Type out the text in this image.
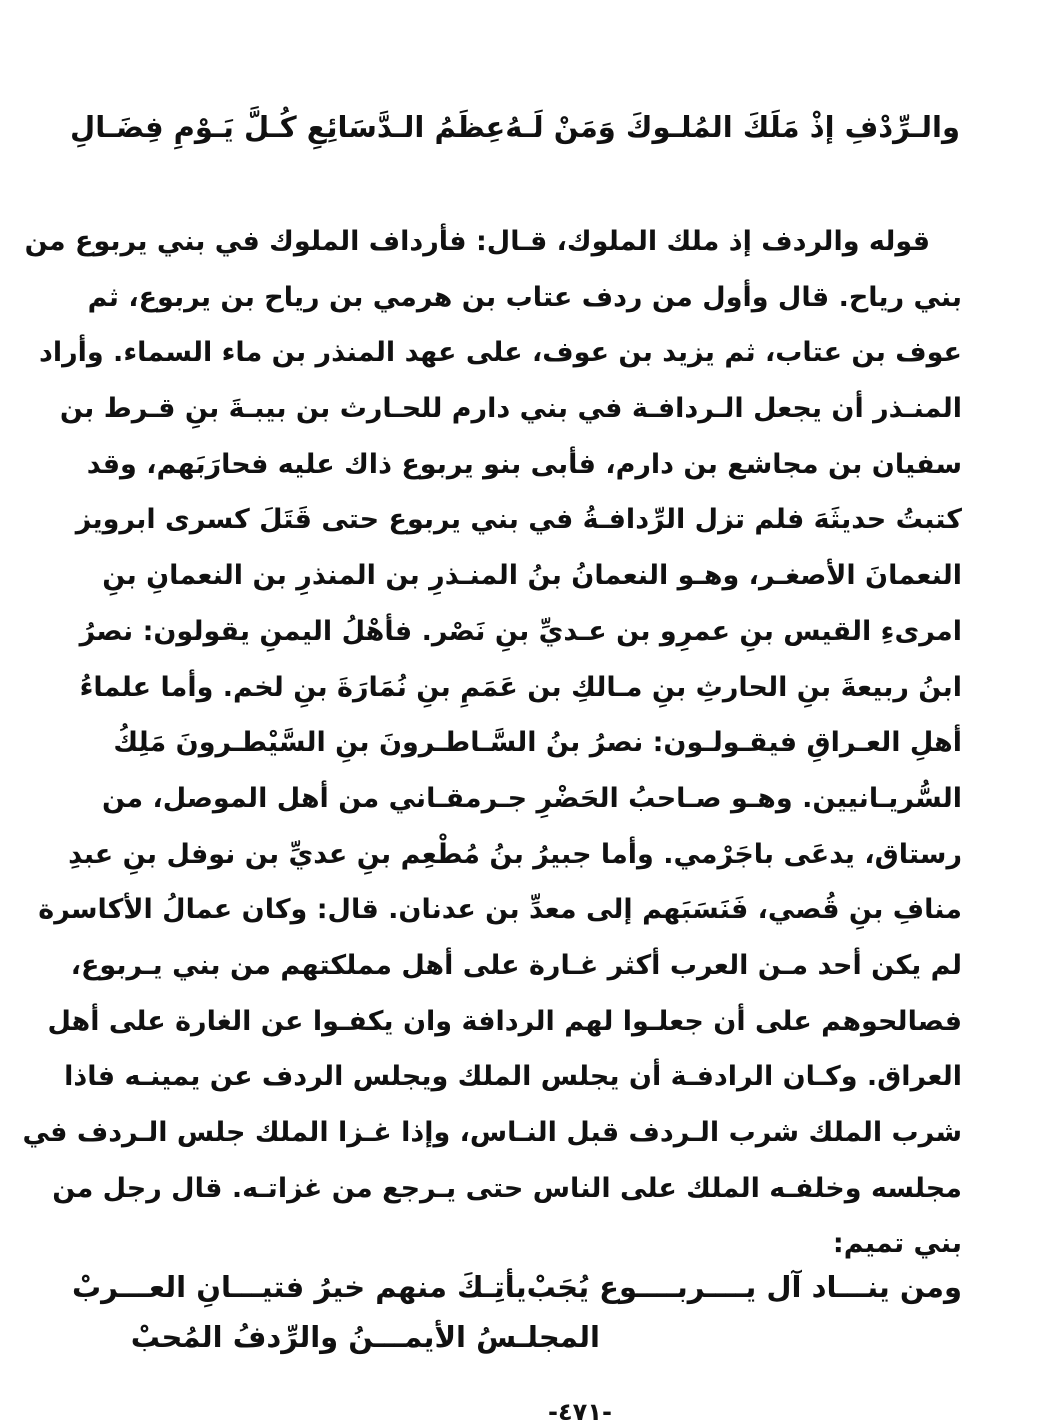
والـرِّدْفِ إذْ مَلَكَ المُلـوكَ وَمَنْ لَـهُ
عِظَمُ الـدَّسَائِعِ كُـلَّ يَـوْمِ فِضَـالِ
قوله والردف إذ ملك الملوك، قـال: فأرداف الملوك في بني يربوع من
بني رياح. قال وأول من ردف عتاب بن هرمي بن رياح بن يربوع، ثم
عوف بن عتاب، ثم يزيد بن عوف، على عهد المنذر بن ماء السماء. وأراد
المنـذر أن يجعل الـردافـة في بني دارم للحـارث بن بيبـةَ بنِ قـرط بن
سفيان بن مجاشع بن دارم، فأبى بنو يربوع ذاك عليه فحارَبَهم، وقد
كتبتُ حديثَهَ فلم تزل الرِّدافـةُ في بني يربوع حتى قَتَلَ كسرى ابرويز
النعمانَ الأصغـر، وهـو النعمانُ بنُ المنـذرِ بن المنذرِ بن النعمانِ بنِ
امرىءِ القيس بنِ عمرِو بن عـديِّ بنِ نَصْر. فأهْلُ اليمنِ يقولون: نصرُ
ابنُ ربيعةَ بنِ الحارثِ بنِ مـالكِ بن عَمَمِ بنِ نُمَارَةَ بنِ لخم. وأما علماءُ
أهلِ العـراقِ فيقـولـون: نصرُ بنُ السَّـاطـرونَ بنِ السَّيْطـرونَ مَلِكُ
السُّريـانيين. وهـو صـاحبُ الحَضْرِ جـرمقـاني من أهل الموصل، من
رستاق، يدعَى باجَرْمي. وأما جبيرُ بنُ مُطْعِم بنِ عديِّ بن نوفل بنِ عبدِ
منافِ بنِ قُصي، فَنَسَبَهم إلى معدِّ بن عدنان. قال: وكان عمالُ الأكاسرة
لم يكن أحد مـن العرب أكثر غـارة على أهل مملكتهم من بني يـربوع،
فصالحوهم على أن جعلـوا لهم الردافة وان يكفـوا عن الغارة على أهل
العراق. وكـان الرادفـة أن يجلس الملك ويجلس الردف عن يمينـه فاذا
شرب الملك شرب الـردف قبل النـاس، وإذا غـزا الملك جلس الـردف في
مجلسه وخلفـه الملك على الناس حتى يـرجع من غزاتـه. قال رجل من
بني تميم:
ومن ينـــاد آل يــــربــــوع يُجَبْ
يأتِـكَ منهم خيرُ فتيـــانِ العـــربْ
المجلـسُ الأيمـــنُ والرِّدفُ المُحبْ
-٤٧١-
